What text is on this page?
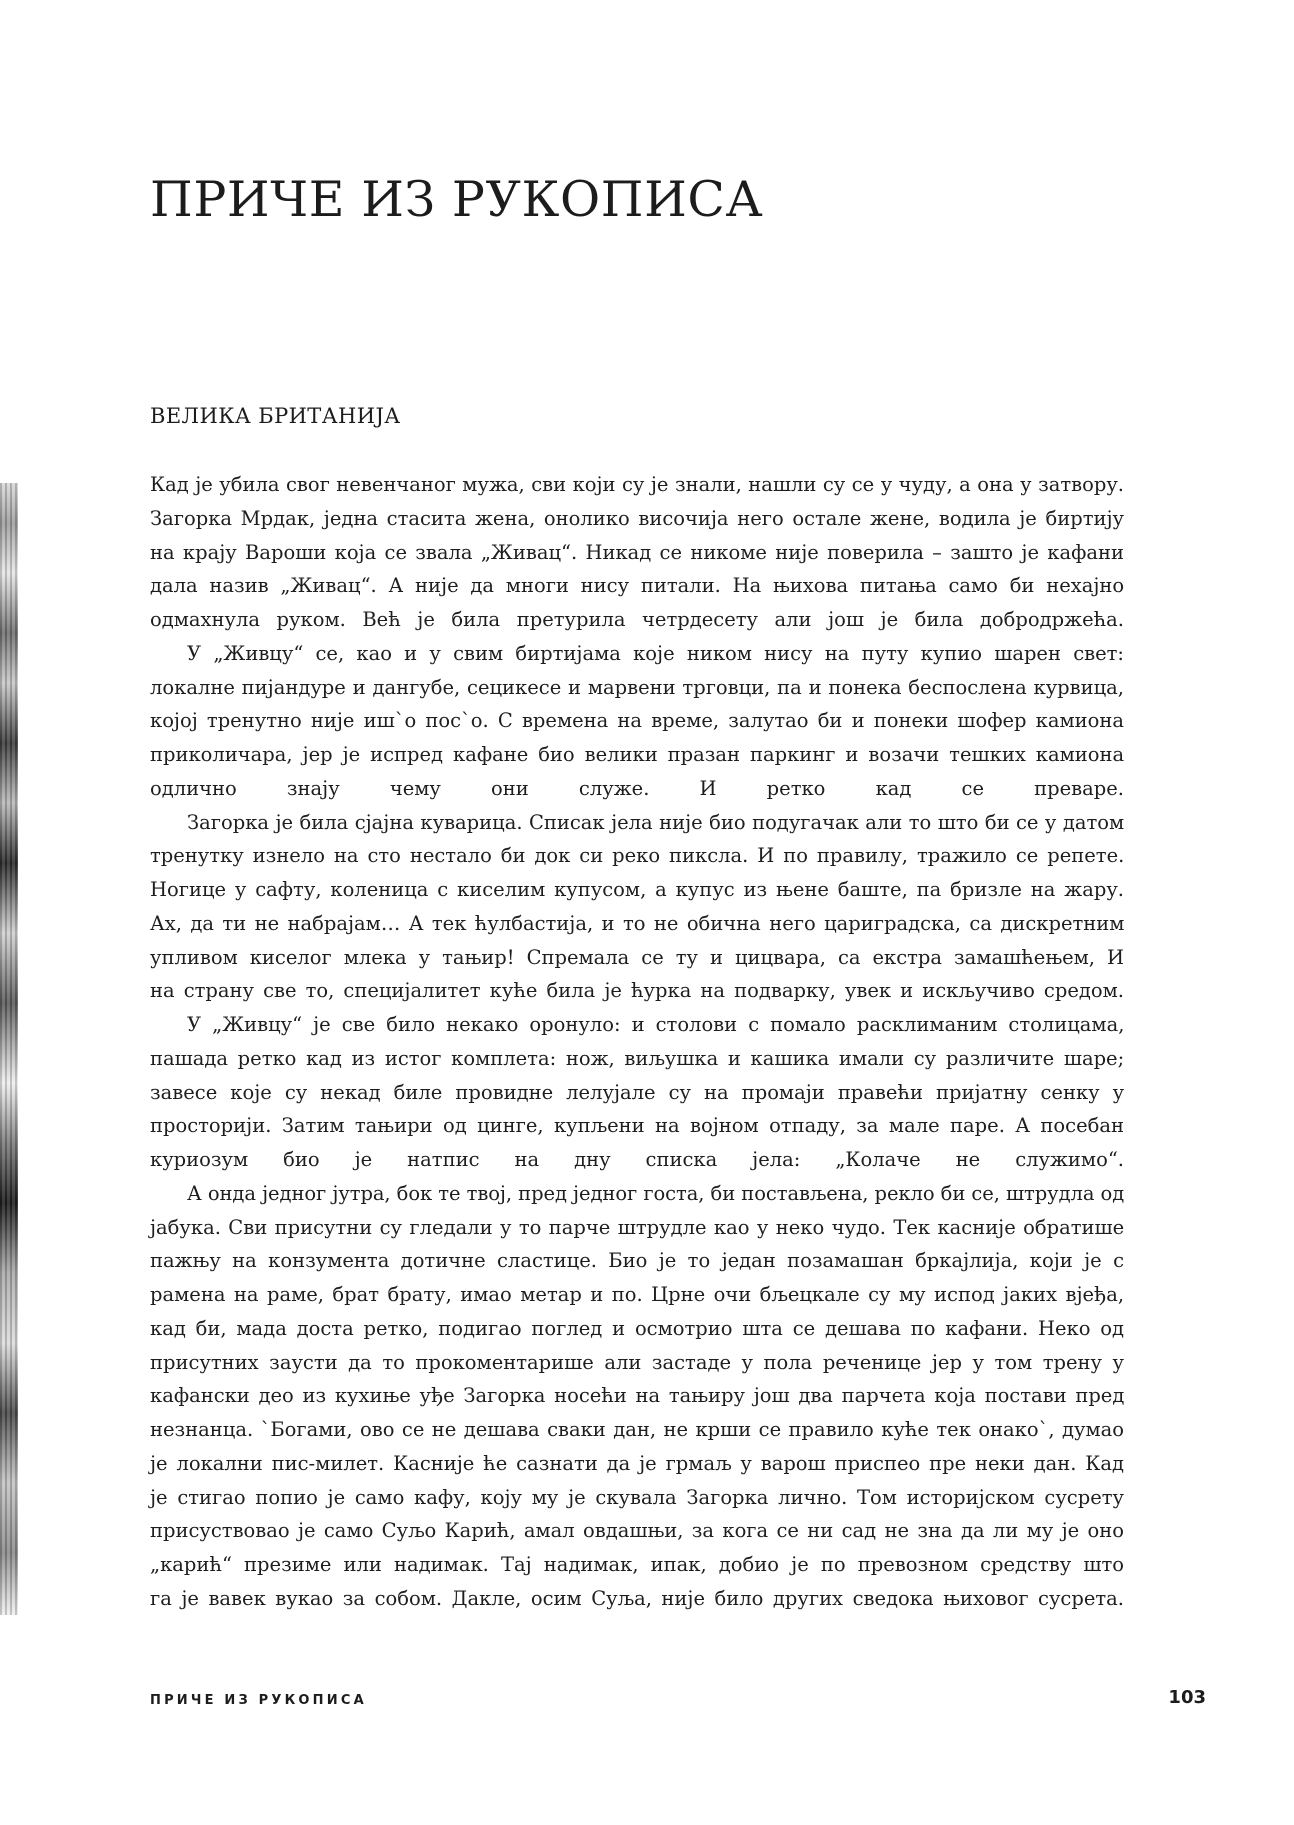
ПРИЧЕ ИЗ РУКОПИСА
ВЕЛИКА БРИТАНИЈА

Кад је убила свог невенчаног мужа, сви који су је знали, нашли су се у чуду, а она у затвору.
Загорка Мрдак, једна стасита жена, онолико височија него остале жене, водила је биртију
на крају Вароши која се звала „Живац“. Никад се никоме није поверила – зашто је кафани
дала назив „Живац“. А није да многи нису питали. На њихова питања само би нехајно
одмахнула руком. Већ је била претурила четрдесету али још је била добродржећа.

У „Живцу“ се, као и у свим биртијама које ником нису на путу купио шарен свет:
локалне пијандуре и дангубе, сецикесе и марвени трговци, па и понека беспослена курвица,
којој тренутно није иш`о пос`о. С времена на време, залутао би и понеки шофер камиона
приколичара, јер је испред кафане био велики празан паркинг и возачи тешких камиона
одлично знају чему они служе. И ретко кад се преваре.

Загорка је била сјајна куварица. Списак јела није био подугачак али то што би се у датом
тренутку изнело на сто нестало би док си реко пиксла. И по правилу, тражило се репете.
Ногице у сафту, коленица с киселим купусом, а купус из њене баште, па бризле на жару.
Ах, да ти не набрајам… А тек ћулбастија, и то не обична него цариградска, са дискретним
упливом киселог млека у тањир! Спремала се ту и цицвара, са екстра замашћењем, И
на страну све то, специјалитет куће била је ћурка на подварку, увек и искључиво средом.

У „Живцу“ је све било некако оронуло: и столови с помало расклиманим столицама,
пашада ретко кад из истог комплета: нож, виљушка и кашика имали су различите шаре;
завесе које су некад биле провидне лелујале су на промаји правећи пријатну сенку у
просторији. Затим тањири од цинге, купљени на војном отпаду, за мале паре. А посебан
куриозум био је натпис на дну списка јела: „Колаче не служимо“.

А онда једног јутра, бок те твој, пред једног госта, би постављена, рекло би се, штрудла од
јабука. Сви присутни су гледали у то парче штрудле као у неко чудо. Тек касније обратише
пажњу на конзумента дотичне сластице. Био је то један позамашан бркајлија, који је с
рамена на раме, брат брату, имао метар и по. Црне очи бљецкале су му испод јаких вјеђа,
кад би, мада доста ретко, подигао поглед и осмотрио шта се дешава по кафани. Неко од
присутних заусти да то прокоментарише али застаде у пола реченице јер у том трену у
кафански део из кухиње уђе Загорка носећи на тањиру још два парчета која постави пред
незнанца. `Богами, ово се не дешава сваки дан, не крши се правило куће тек онако`, думао
је локални пис-милет. Касније ће сазнати да је грмаљ у варош приспео пре неки дан. Кад
је стигао попио је само кафу, коју му је скувала Загорка лично. Том историјском сусрету
присуствовао је само Суљо Карић, амал овдашњи, за кога се ни сад не зна да ли му је оно
„карић“ презиме или надимак. Тај надимак, ипак, добио је по превозном средству што
га је вавек вукао за собом. Дакле, осим Суља, није било других сведока њиховог сусрета.

ПРИЧЕ ИЗ РУКОПИСА	103
